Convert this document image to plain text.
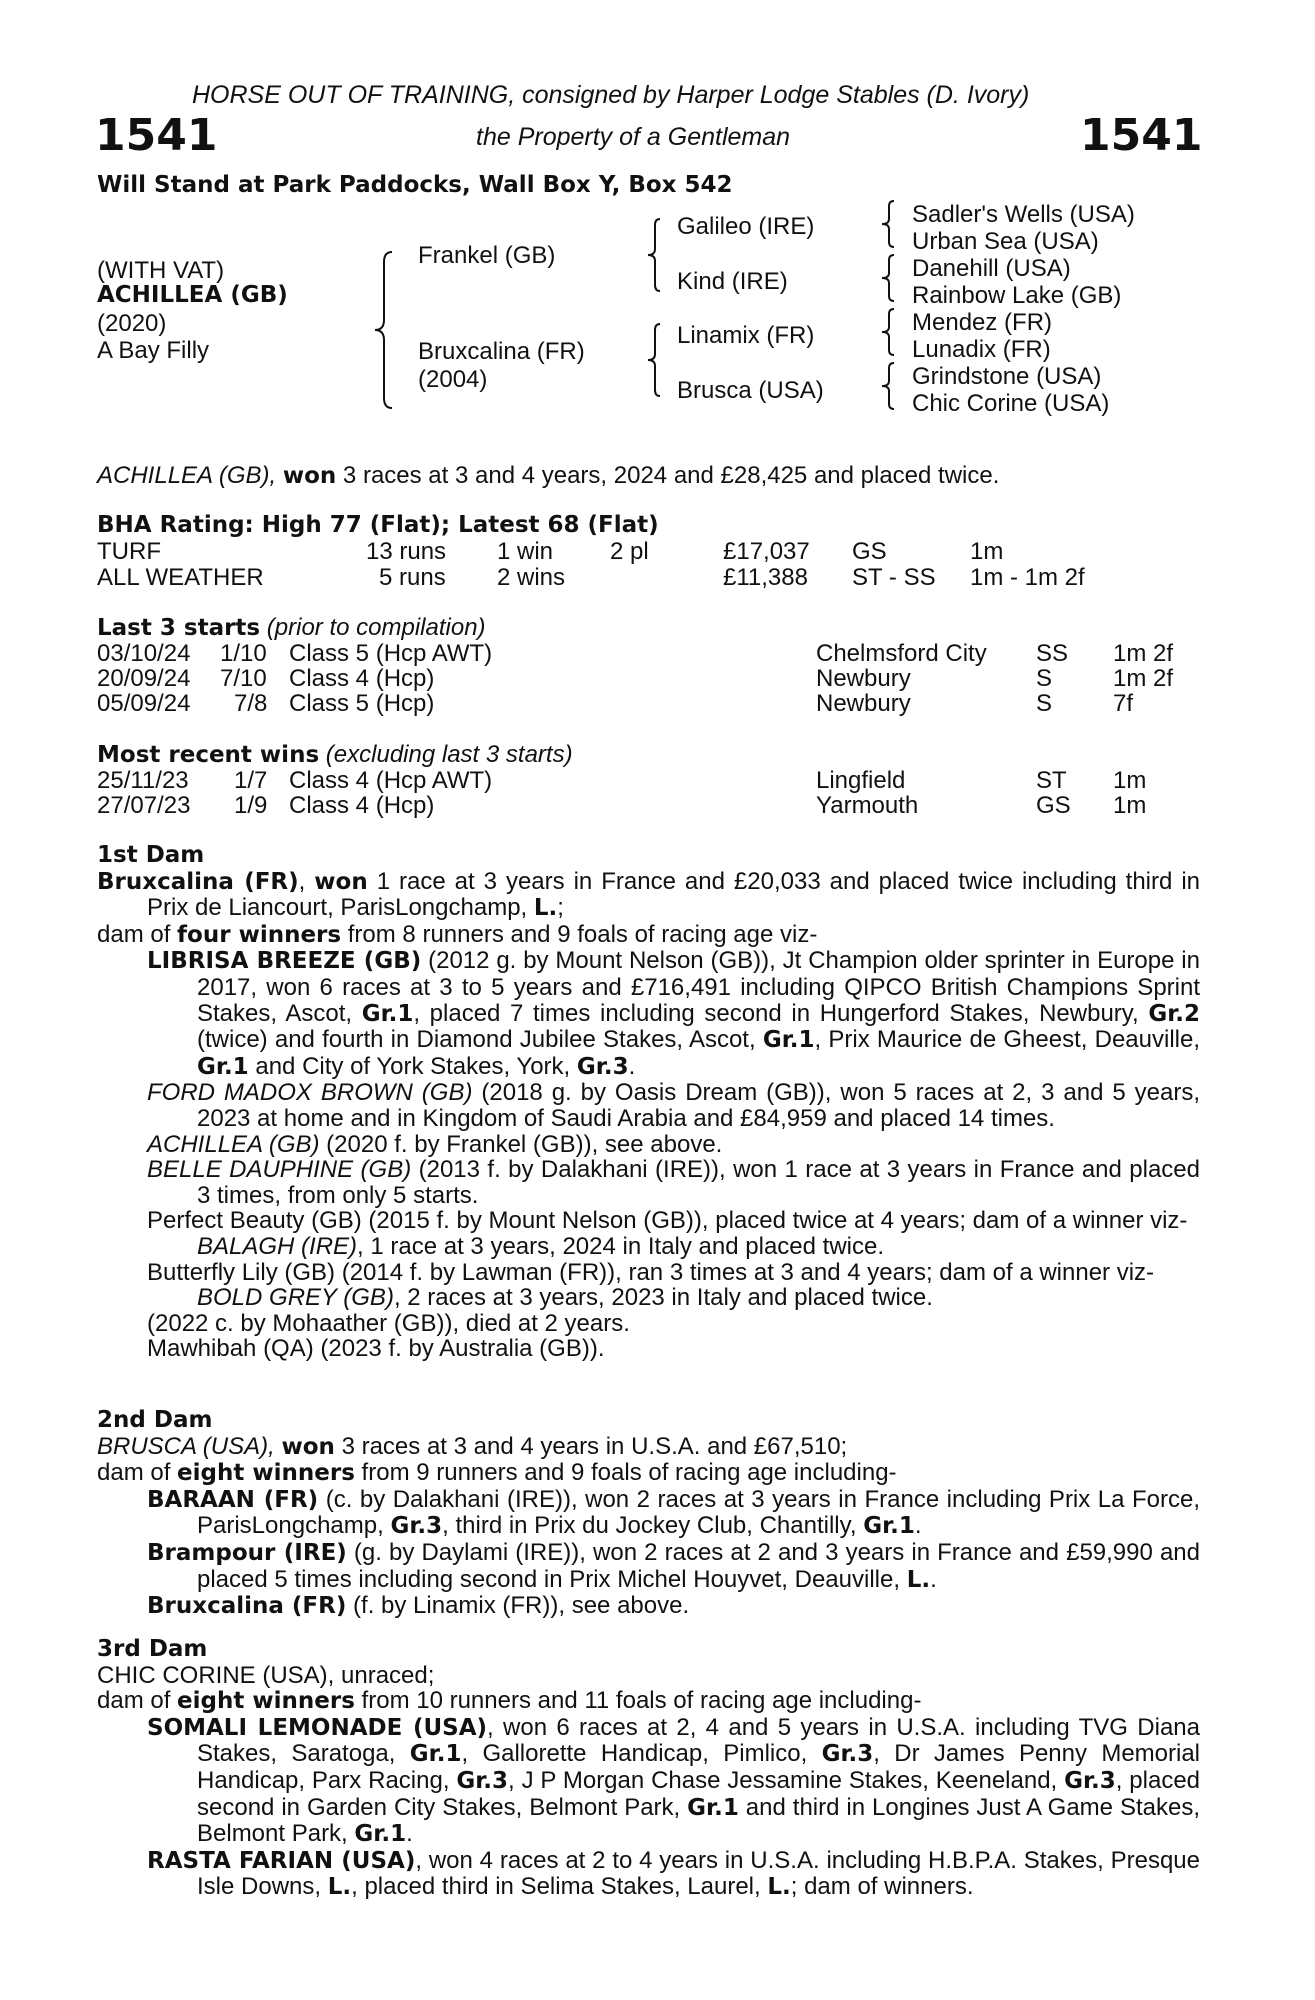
HORSE OUT OF TRAINING, consigned by Harper Lodge Stables (D. Ivory)
1541	the Property of a Gentleman	1541
Will Stand at Park Paddocks, Wall Box Y, Box 542
(WITH VAT)
ACHILLEA (GB)
(2020)
A Bay Filly
Frankel (GB)
Bruxcalina (FR)
(2004)
Galileo (IRE)
Kind (IRE)
Linamix (FR)
Brusca (USA)
Sadler's Wells (USA)
Urban Sea (USA)
Danehill (USA)
Rainbow Lake (GB)
Mendez (FR)
Lunadix (FR)
Grindstone (USA)
Chic Corine (USA)
ACHILLEA (GB), won 3 races at 3 and 4 years, 2024 and £28,425 and placed twice.
BHA Rating: High 77 (Flat); Latest 68 (Flat)
TURF	13 runs 1 win 2 pl	£17,037 GS	1m
ALL WEATHER	5 runs 2 wins	£11,388 ST - SS 1m - 1m 2f
Last 3 starts (prior to compilation)
03/10/24 1/10 Class 5 (Hcp AWT)	Chelmsford City SS 1m 2f
20/09/24 7/10 Class 4 (Hcp)	Newbury	S	1m 2f
05/09/24 7/8 Class 5 (Hcp)	Newbury	S	7f
Most recent wins (excluding last 3 starts)
25/11/23 1/7 Class 4 (Hcp AWT)	Lingfield	ST 1m
27/07/23 1/9 Class 4 (Hcp)	Yarmouth	GS 1m

1st Dam

Bruxcalina (FR), won 1 race at 3 years in France and £20,033 and placed twice including third in Prix de Liancourt, ParisLongchamp, L.;

dam of four winners from 8 runners and 9 foals of racing age viz-

LIBRISA BREEZE (GB) (2012 g. by Mount Nelson (GB)), Jt Champion older sprinter in Europe in 2017, won 6 races at 3 to 5 years and £716,491 including QIPCO British Champions Sprint Stakes, Ascot, Gr.1, placed 7 times including second in Hungerford Stakes, Newbury, Gr.2 (twice) and fourth in Diamond Jubilee Stakes, Ascot, Gr.1, Prix Maurice de Gheest, Deauville, Gr.1 and City of York Stakes, York, Gr.3.

FORD MADOX BROWN (GB) (2018 g. by Oasis Dream (GB)), won 5 races at 2, 3 and 5 years, 2023 at home and in Kingdom of Saudi Arabia and £84,959 and placed 14 times.

ACHILLEA (GB) (2020 f. by Frankel (GB)), see above.

BELLE DAUPHINE (GB) (2013 f. by Dalakhani (IRE)), won 1 race at 3 years in France and placed 3 times, from only 5 starts.

Perfect Beauty (GB) (2015 f. by Mount Nelson (GB)), placed twice at 4 years; dam of a winner viz-

BALAGH (IRE), 1 race at 3 years, 2024 in Italy and placed twice.

Butterfly Lily (GB) (2014 f. by Lawman (FR)), ran 3 times at 3 and 4 years; dam of a winner viz-

BOLD GREY (GB), 2 races at 3 years, 2023 in Italy and placed twice.

(2022 c. by Mohaather (GB)), died at 2 years.

Mawhibah (QA) (2023 f. by Australia (GB)).

2nd Dam

BRUSCA (USA), won 3 races at 3 and 4 years in U.S.A. and £67,510;

dam of eight winners from 9 runners and 9 foals of racing age including-

BARAAN (FR) (c. by Dalakhani (IRE)), won 2 races at 3 years in France including Prix La Force, ParisLongchamp, Gr.3, third in Prix du Jockey Club, Chantilly, Gr.1.

Brampour (IRE) (g. by Daylami (IRE)), won 2 races at 2 and 3 years in France and £59,990 and placed 5 times including second in Prix Michel Houyvet, Deauville, L..

Bruxcalina (FR) (f. by Linamix (FR)), see above.

3rd Dam

CHIC CORINE (USA), unraced;

dam of eight winners from 10 runners and 11 foals of racing age including-

SOMALI LEMONADE (USA), won 6 races at 2, 4 and 5 years in U.S.A. including TVG Diana Stakes, Saratoga, Gr.1, Gallorette Handicap, Pimlico, Gr.3, Dr James Penny Memorial Handicap, Parx Racing, Gr.3, J P Morgan Chase Jessamine Stakes, Keeneland, Gr.3, placed second in Garden City Stakes, Belmont Park, Gr.1 and third in Longines Just A Game Stakes, Belmont Park, Gr.1.

RASTA FARIAN (USA), won 4 races at 2 to 4 years in U.S.A. including H.B.P.A. Stakes, Presque Isle Downs, L., placed third in Selima Stakes, Laurel, L.; dam of winners.
